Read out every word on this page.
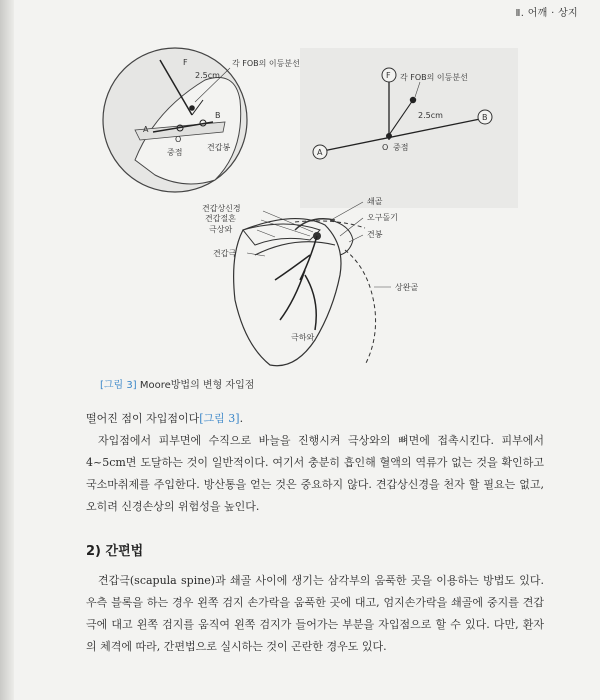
Ⅱ. 어깨 · 상지
F
2.5cm
각 FOB의 이등분선
A
B
O
중점
견갑봉
F
A
B
O 중점
2.5cm
각 FOB의 이등분선
견갑상신경
견갑절흔
극상와
견갑극
쇄골
오구돌기
견봉
상완골
극하와
[그림 3] Moore방법의 변형 자입점
떨어진 점이 자입점이다[그림 3].
자입점에서 피부면에 수직으로 바늘을 진행시켜 극상와의 뼈면에 접촉시킨다. 피부에서 4~5cm면 도달하는 것이 일반적이다. 여기서 충분히 흡인해 혈액의 역류가 없는 것을 확인하고 국소마취제를 주입한다. 방산통을 얻는 것은 중요하지 않다. 견갑상신경을 천자 할 필요는 없고, 오히려 신경손상의 위험성을 높인다.
2) 간편법
견갑극(scapula spine)과 쇄골 사이에 생기는 삼각부의 움푹한 곳을 이용하는 방법도 있다. 우측 블록을 하는 경우 왼쪽 검지 손가락을 움푹한 곳에 대고, 엄지손가락을 쇄골에 중지를 견갑극에 대고 왼쪽 검지를 움직여 왼쪽 검지가 들어가는 부분을 자입점으로 할 수 있다. 다만, 환자의 체격에 따라, 간편법으로 실시하는 것이 곤란한 경우도 있다.
